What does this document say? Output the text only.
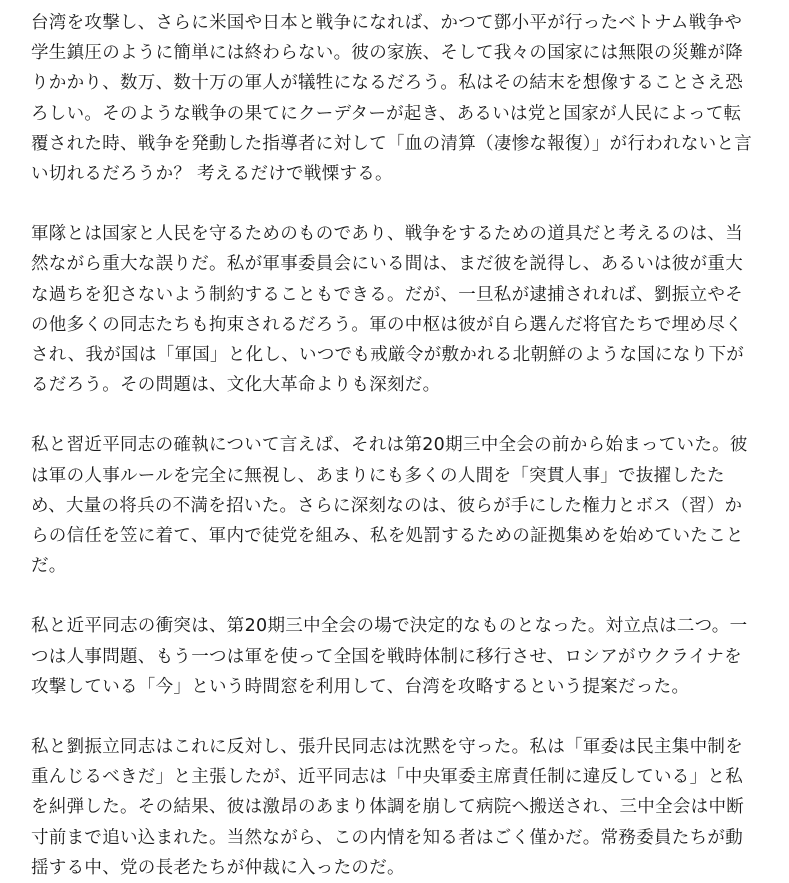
台湾を攻撃し、さらに米国や日本と戦争になれば、かつて鄧小平が行ったベトナム戦争や学生鎮圧のように簡単には終わらない。彼の家族、そして我々の国家には無限の災難が降りかかり、数万、数十万の軍人が犠牲になるだろう。私はその結末を想像することさえ恐ろしい。そのような戦争の果てにクーデターが起き、あるいは党と国家が人民によって転覆された時、戦争を発動した指導者に対して「血の清算（凄惨な報復）」が行われないと言い切れるだろうか？ 考えるだけで戦慄する。

軍隊とは国家と人民を守るためのものであり、戦争をするための道具だと考えるのは、当然ながら重大な誤りだ。私が軍事委員会にいる間は、まだ彼を説得し、あるいは彼が重大な過ちを犯さないよう制約することもできる。だが、一旦私が逮捕されれば、劉振立やその他多くの同志たちも拘束されるだろう。軍の中枢は彼が自ら選んだ将官たちで埋め尽くされ、我が国は「軍国」と化し、いつでも戒厳令が敷かれる北朝鮮のような国になり下がるだろう。その問題は、文化大革命よりも深刻だ。

私と習近平同志の確執について言えば、それは第20期三中全会の前から始まっていた。彼は軍の人事ルールを完全に無視し、あまりにも多くの人間を「突貫人事」で抜擢したため、大量の将兵の不満を招いた。さらに深刻なのは、彼らが手にした権力とボス（習）からの信任を笠に着て、軍内で徒党を組み、私を処罰するための証拠集めを始めていたことだ。

私と近平同志の衝突は、第20期三中全会の場で決定的なものとなった。対立点は二つ。一つは人事問題、もう一つは軍を使って全国を戦時体制に移行させ、ロシアがウクライナを攻撃している「今」という時間窓を利用して、台湾を攻略するという提案だった。

私と劉振立同志はこれに反対し、張升民同志は沈黙を守った。私は「軍委は民主集中制を重んじるべきだ」と主張したが、近平同志は「中央軍委主席責任制に違反している」と私を糾弾した。その結果、彼は激昂のあまり体調を崩して病院へ搬送され、三中全会は中断寸前まで追い込まれた。当然ながら、この内情を知る者はごく僅かだ。常務委員たちが動揺する中、党の長老たちが仲裁に入ったのだ。
